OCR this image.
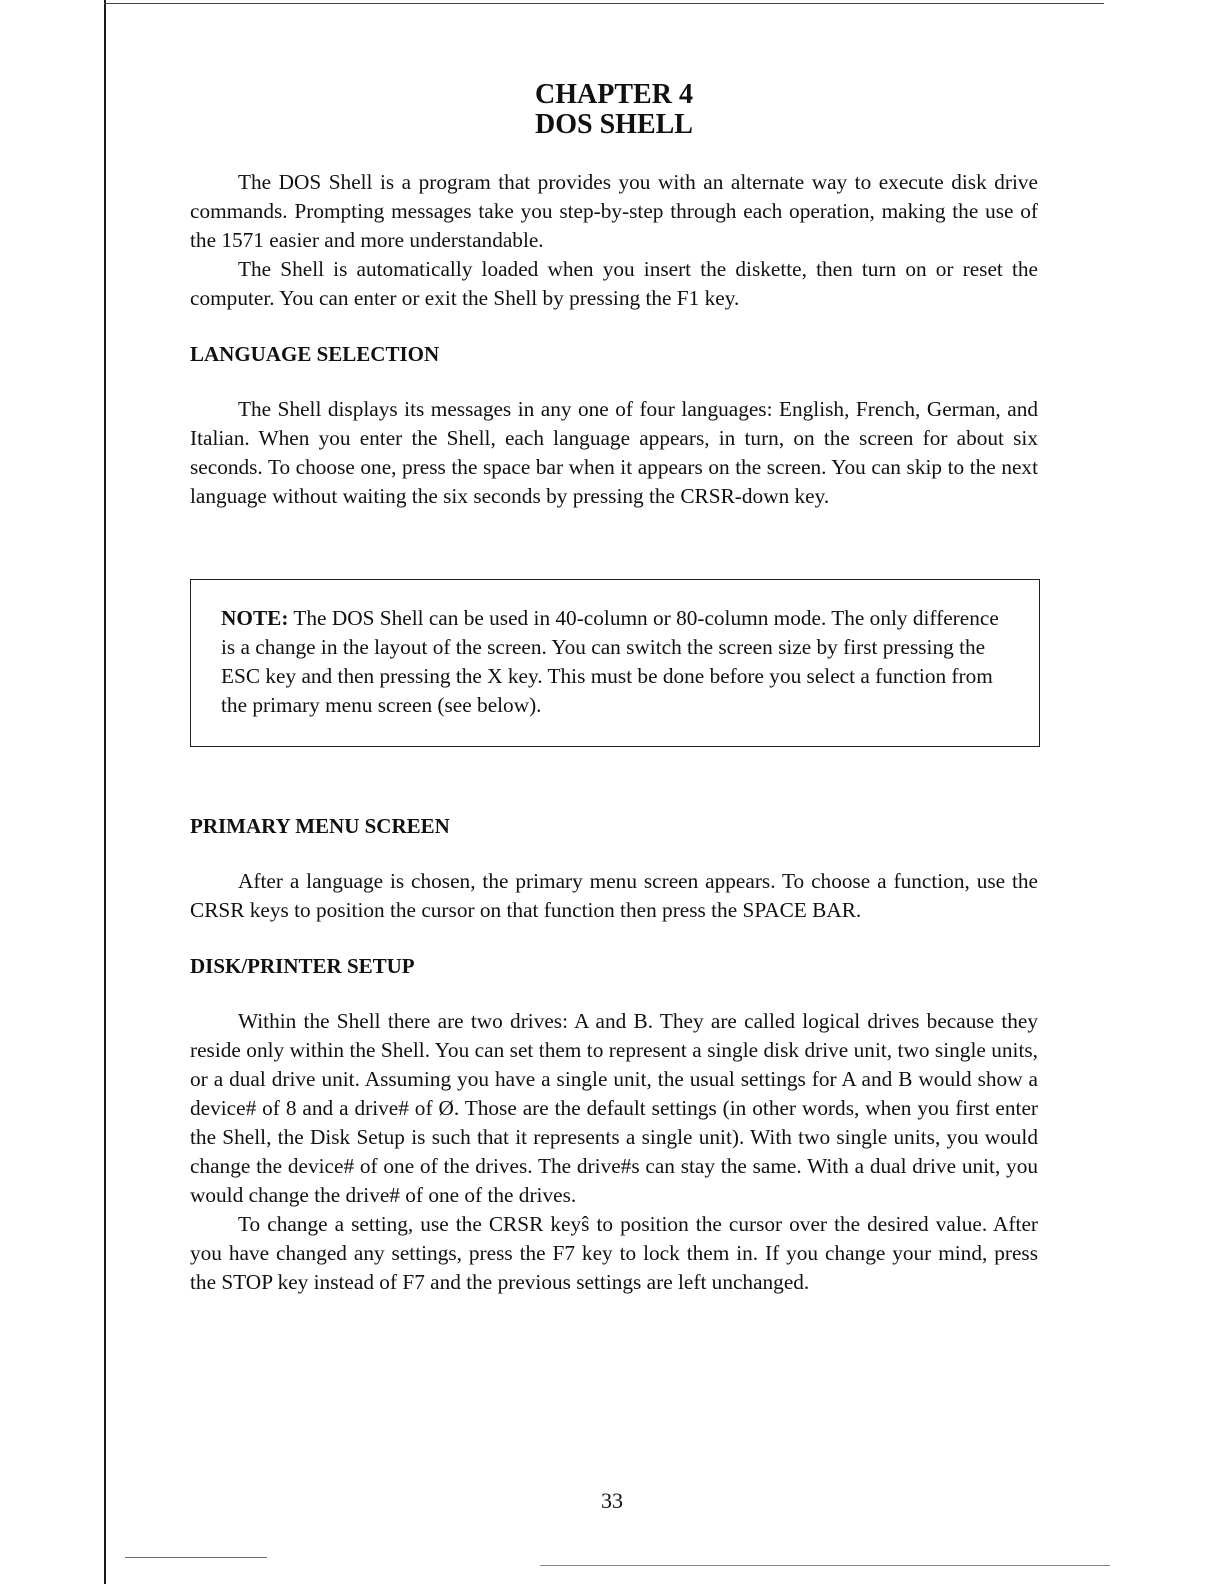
CHAPTER 4
DOS SHELL

The DOS Shell is a program that provides you with an alternate way to execute disk drive commands. Prompting messages take you step-by-step through each operation, making the use of the 1571 easier and more understandable.

The Shell is automatically loaded when you insert the diskette, then turn on or reset the computer. You can enter or exit the Shell by pressing the F1 key.

LANGUAGE SELECTION

The Shell displays its messages in any one of four languages: English, French, German, and Italian. When you enter the Shell, each language appears, in turn, on the screen for about six seconds. To choose one, press the space bar when it appears on the screen. You can skip to the next language without waiting the six seconds by pressing the CRSR-down key.

NOTE: The DOS Shell can be used in 40-column or 80-column mode. The only difference is a change in the layout of the screen. You can switch the screen size by first pressing the ESC key and then pressing the X key. This must be done before you select a function from the primary menu screen (see below).

PRIMARY MENU SCREEN

After a language is chosen, the primary menu screen appears. To choose a function, use the CRSR keys to position the cursor on that function then press the SPACE BAR.

DISK/PRINTER SETUP

Within the Shell there are two drives: A and B. They are called logical drives because they reside only within the Shell. You can set them to represent a single disk drive unit, two single units, or a dual drive unit. Assuming you have a single unit, the usual settings for A and B would show a device# of 8 and a drive# of Ø. Those are the default settings (in other words, when you first enter the Shell, the Disk Setup is such that it represents a single unit). With two single units, you would change the device# of one of the drives. The drive#s can stay the same. With a dual drive unit, you would change the drive# of one of the drives.

To change a setting, use the CRSR keyŝ to position the cursor over the desired value. After you have changed any settings, press the F7 key to lock them in. If you change your mind, press the STOP key instead of F7 and the previous settings are left unchanged.

33
